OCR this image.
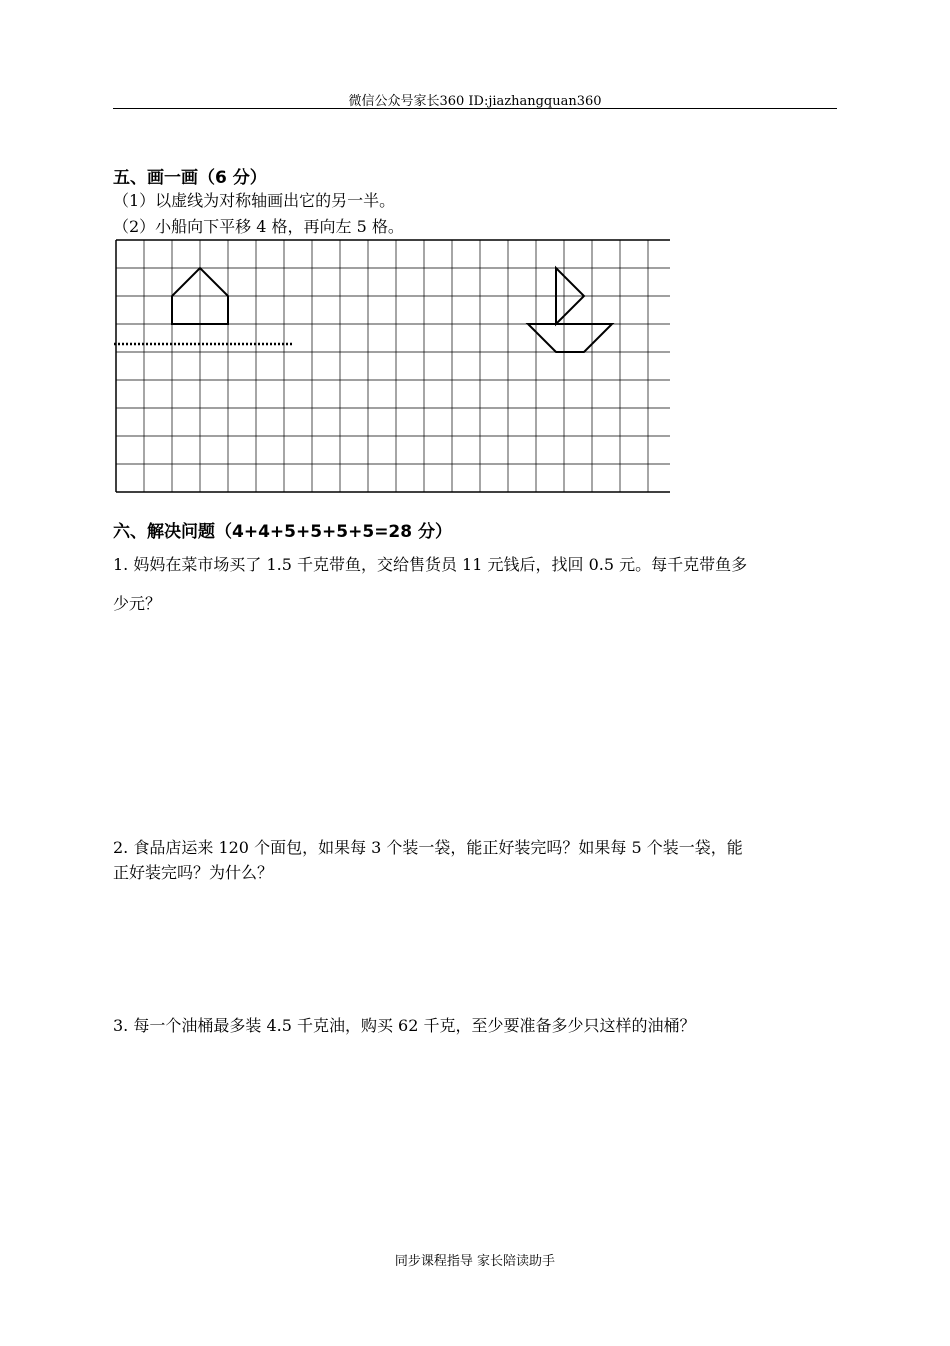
微信公众号家长360 ID:jiazhangquan360
五、画一画（6 分）
（1）以虚线为对称轴画出它的另一半。
（2）小船向下平移 4 格，再向左 5 格。
六、解决问题（4+4+5+5+5+5=28 分）
1. 妈妈在菜市场买了 1.5 千克带鱼，交给售货员 11 元钱后，找回 0.5 元。每千克带鱼多
少元？
2. 食品店运来 120 个面包，如果每 3 个装一袋，能正好装完吗？如果每 5 个装一袋，能
正好装完吗？为什么？
3. 每一个油桶最多装 4.5 千克油，购买 62 千克，至少要准备多少只这样的油桶？
同步课程指导 家长陪读助手
